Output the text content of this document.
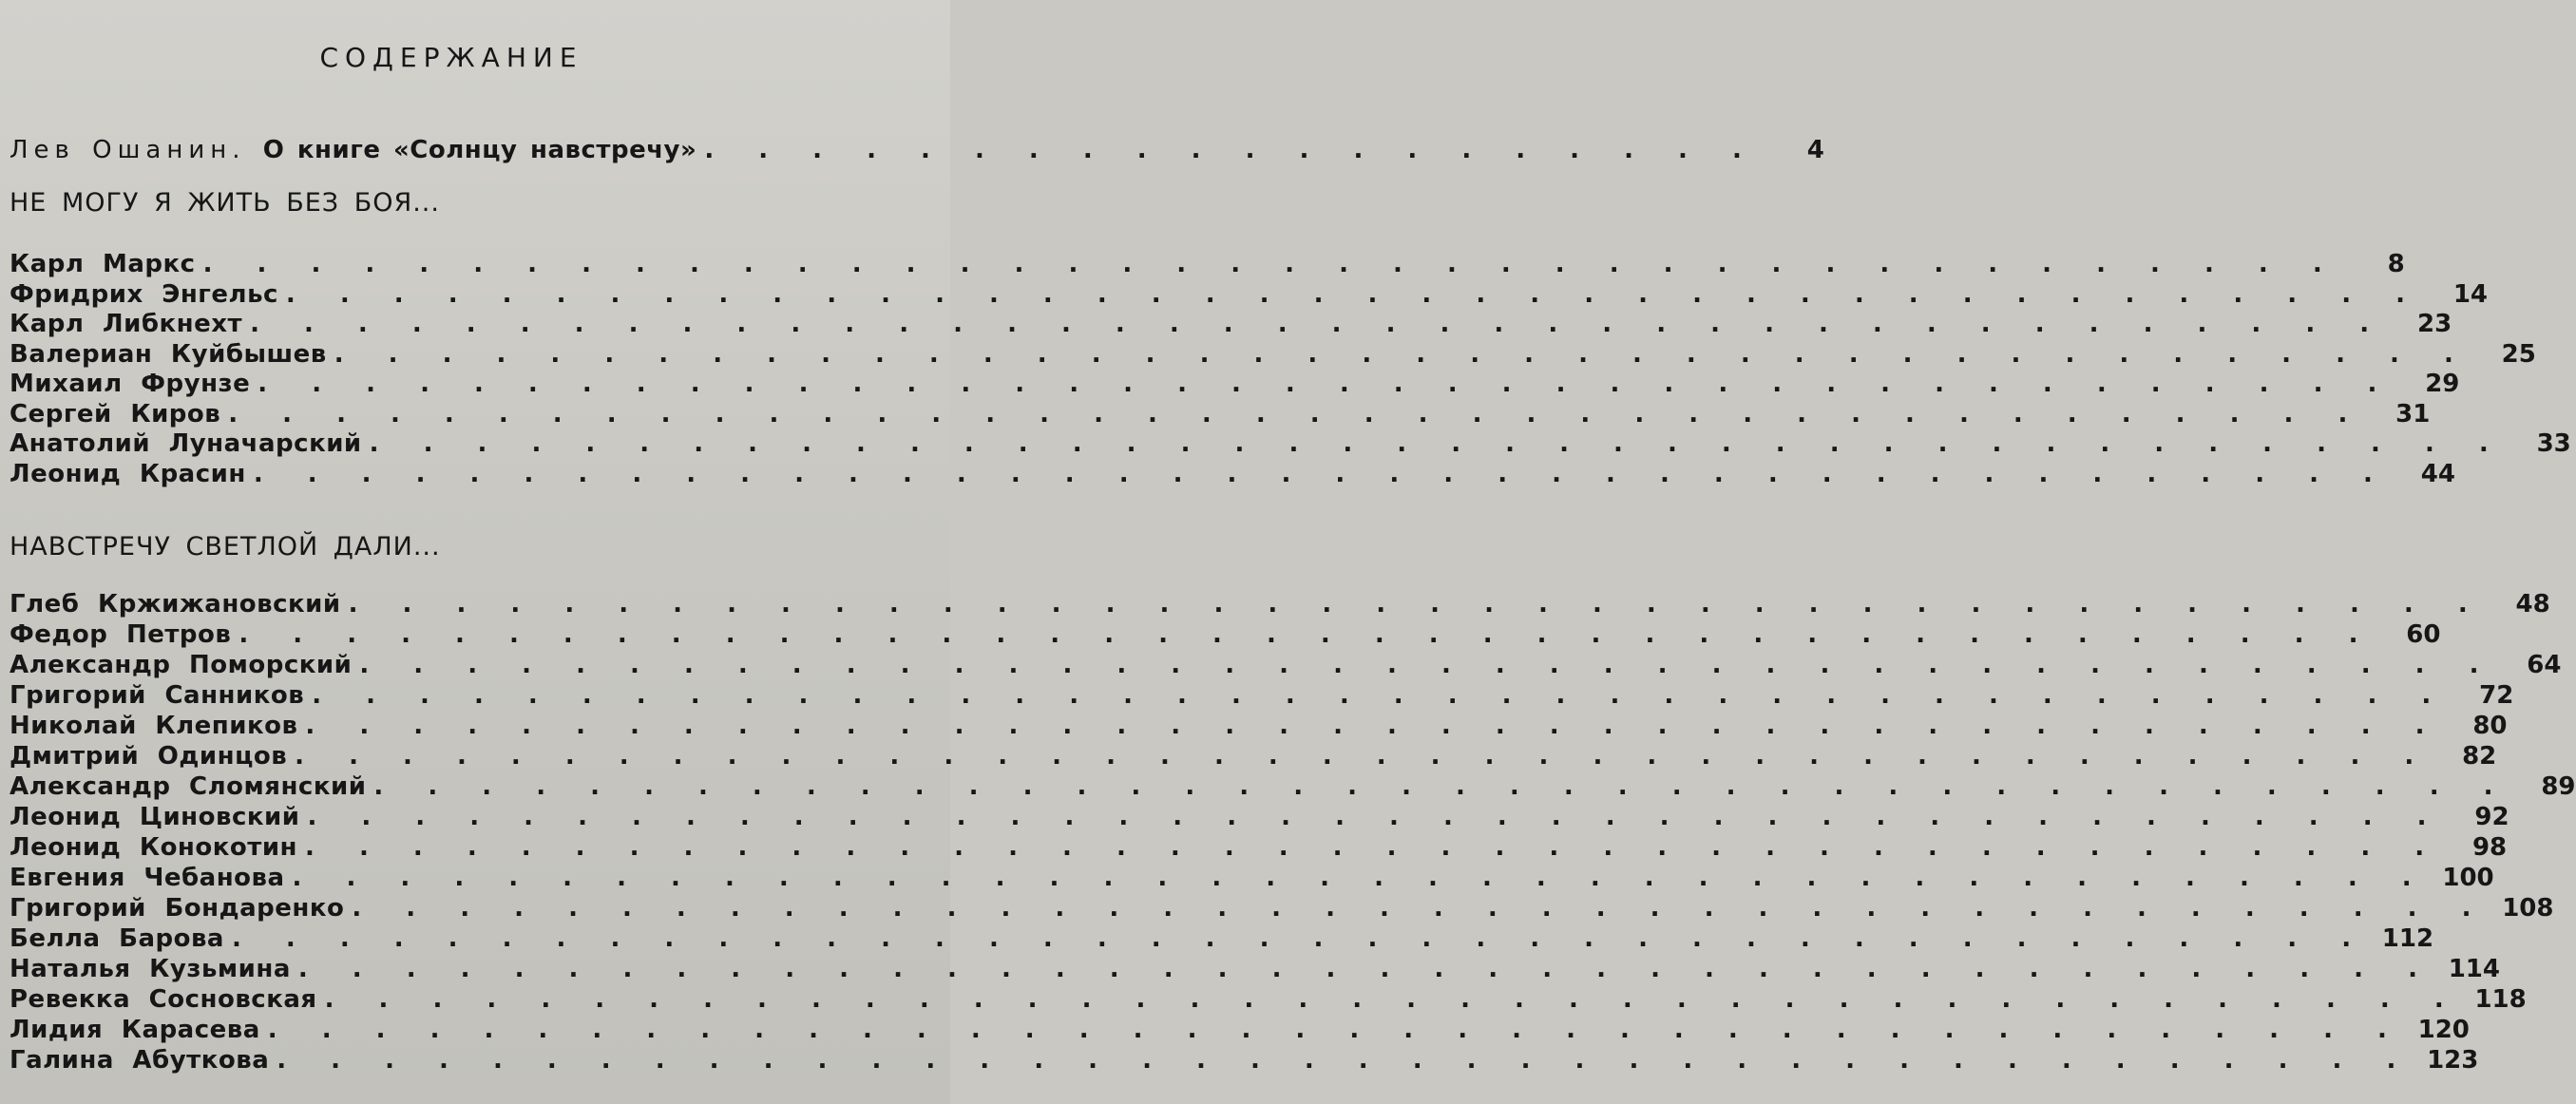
СОДЕРЖАНИЕ
Лев Ошанин. О книге «Солнцу навстречу» . . . . . . . . . . . . . . . . . . . .	4
НЕ МОГУ Я ЖИТЬ БЕЗ БОЯ...
Карл Маркс . . . . . . . . . . . . . . . . . . . . . . . . . . . . . . . . . . . . . . . .	8
Фридрих Энгельс . . . . . . . . . . . . . . . . . . . . . . . . . . . . . . . . . . . . . . . .	14
Карл Либкнехт . . . . . . . . . . . . . . . . . . . . . . . . . . . . . . . . . . . . . . . .	23
Валериан Куйбышев . . . . . . . . . . . . . . . . . . . . . . . . . . . . . . . . . . . . . . . .	25
Михаил Фрунзе . . . . . . . . . . . . . . . . . . . . . . . . . . . . . . . . . . . . . . . .	29
Сергей Киров . . . . . . . . . . . . . . . . . . . . . . . . . . . . . . . . . . . . . . . .	31
Анатолий Луначарский . . . . . . . . . . . . . . . . . . . . . . . . . . . . . . . . . . . . . . . .	33
Леонид Красин . . . . . . . . . . . . . . . . . . . . . . . . . . . . . . . . . . . . . . . .	44
НАВСТРЕЧУ СВЕТЛОЙ ДАЛИ...
Глеб Кржижановский . . . . . . . . . . . . . . . . . . . . . . . . . . . . . . . . . . . . . . . .	48
Федор Петров . . . . . . . . . . . . . . . . . . . . . . . . . . . . . . . . . . . . . . . .	60
Александр Поморский . . . . . . . . . . . . . . . . . . . . . . . . . . . . . . . . . . . . . . . .	64
Григорий Санников . . . . . . . . . . . . . . . . . . . . . . . . . . . . . . . . . . . . . . . .	72
Николай Клепиков . . . . . . . . . . . . . . . . . . . . . . . . . . . . . . . . . . . . . . . .	80
Дмитрий Одинцов . . . . . . . . . . . . . . . . . . . . . . . . . . . . . . . . . . . . . . . .	82
Александр Сломянский . . . . . . . . . . . . . . . . . . . . . . . . . . . . . . . . . . . . . . . .	89
Леонид Циновский . . . . . . . . . . . . . . . . . . . . . . . . . . . . . . . . . . . . . . . .	92
Леонид Конокотин . . . . . . . . . . . . . . . . . . . . . . . . . . . . . . . . . . . . . . . .	98
Евгения Чебанова . . . . . . . . . . . . . . . . . . . . . . . . . . . . . . . . . . . . . . . . 100
Григорий Бондаренко . . . . . . . . . . . . . . . . . . . . . . . . . . . . . . . . . . . . . . . . 108
Белла Барова . . . . . . . . . . . . . . . . . . . . . . . . . . . . . . . . . . . . . . . . 112
Наталья Кузьмина . . . . . . . . . . . . . . . . . . . . . . . . . . . . . . . . . . . . . . . . 114
Ревекка Сосновская . . . . . . . . . . . . . . . . . . . . . . . . . . . . . . . . . . . . . . . . 118
Лидия Карасева . . . . . . . . . . . . . . . . . . . . . . . . . . . . . . . . . . . . . . . . 120
Галина Абуткова . . . . . . . . . . . . . . . . . . . . . . . . . . . . . . . . . . . . . . . . 123
